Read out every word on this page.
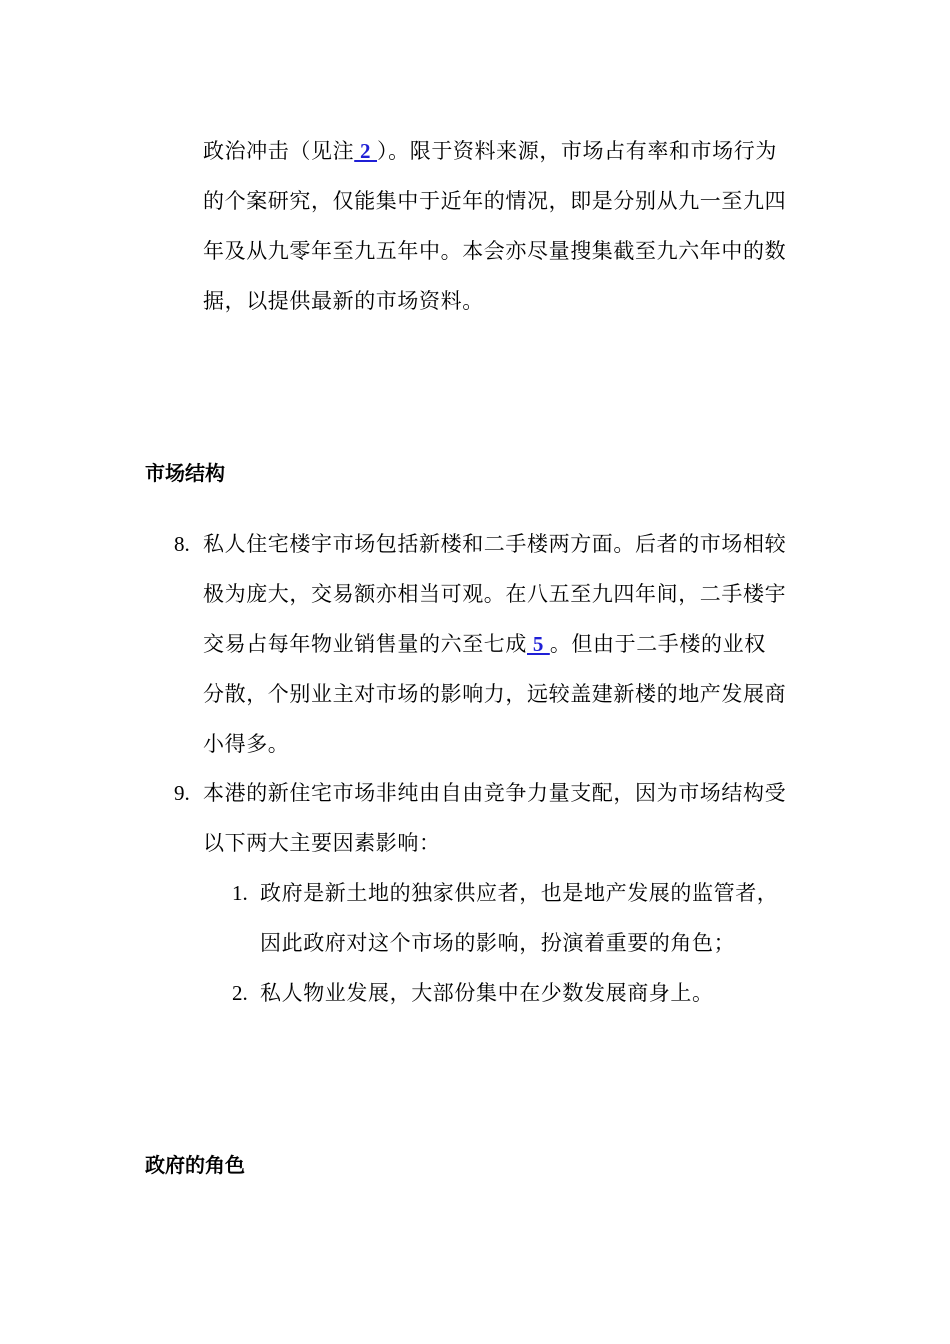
政治冲击（见注 2 ）。限于资料来源，市场占有率和市场行为
的个案研究，仅能集中于近年的情况，即是分别从九一至九四
年及从九零年至九五年中。本会亦尽量搜集截至九六年中的数
据，以提供最新的市场资料。
市场结构
8. 私人住宅楼宇市场包括新楼和二手楼两方面。后者的市场相较
极为庞大，交易额亦相当可观。在八五至九四年间，二手楼宇
交易占每年物业销售量的六至七成 5 。但由于二手楼的业权
分散，个别业主对市场的影响力，远较盖建新楼的地产发展商
小得多。
9. 本港的新住宅市场非纯由自由竞争力量支配，因为市场结构受
以下两大主要因素影响：
1. 政府是新土地的独家供应者，也是地产发展的监管者，
因此政府对这个市场的影响，扮演着重要的角色；
2. 私人物业发展，大部份集中在少数发展商身上。
政府的角色
